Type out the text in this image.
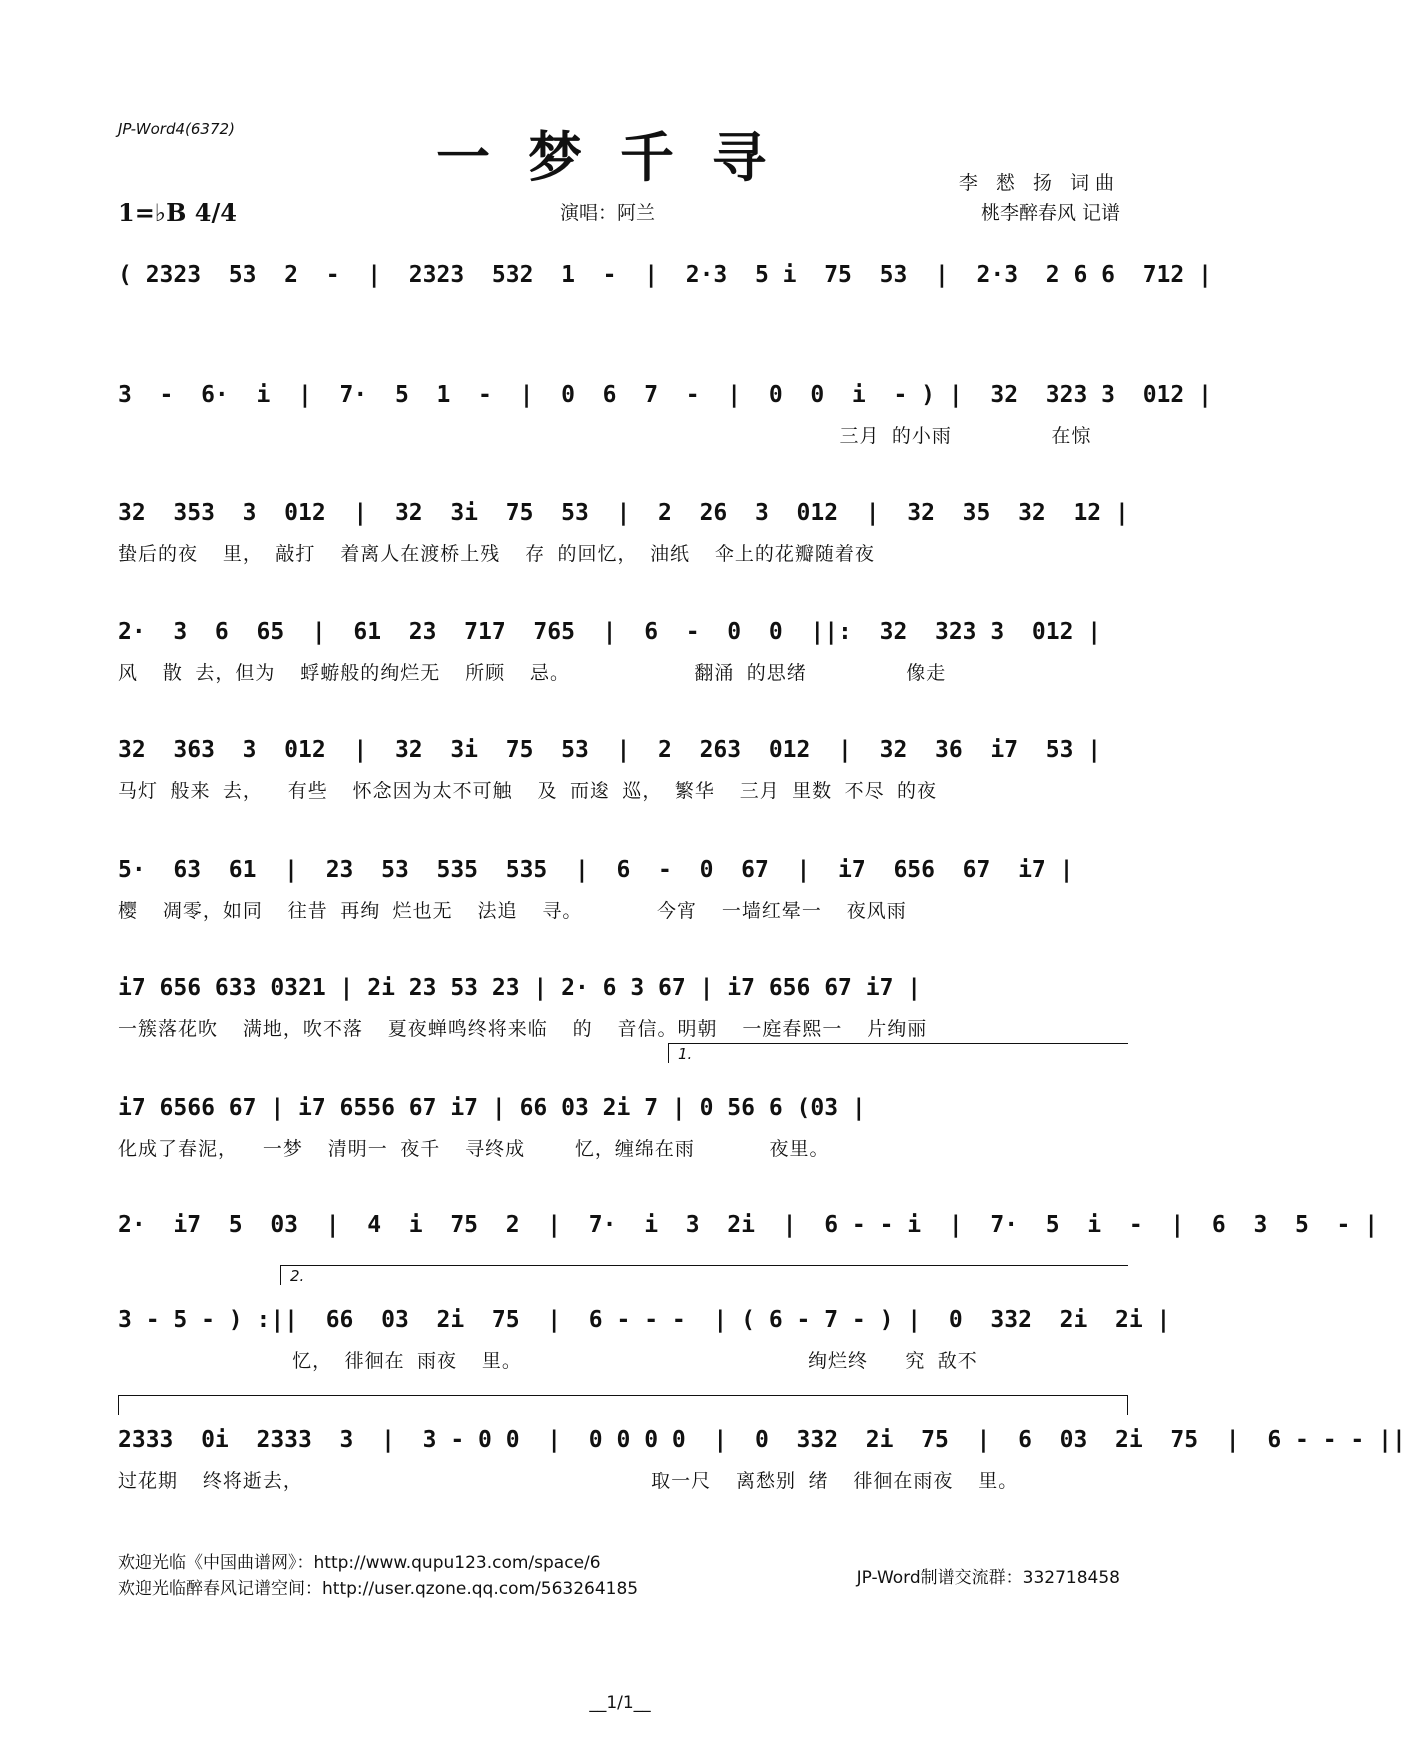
JP-Word4(6372)	一梦千寻
1=♭B 4/4	演唱：阿兰
李 憖 扬 词曲
桃李醉春风 记谱
( 2323  53  2  -  |  2323  532  1  -  |  2·3  5 i  75  53  |  2·3  2 6 6  712 |
3  -  6·  i  |  7·  5  1  -  |  0  6  7  -  |  0  0  i  - ) |  32  323 3  012 |
三月 的小雨        在惊
32  353  3  012  |  32  3i  75  53  |  2  26  3  012  |  32  35  32  12 |
蛰后的夜  里， 敲打  着离人在渡桥上残  存 的回忆， 油纸  伞上的花瓣随着夜
2·  3  6  65  |  61  23  717  765  |  6  -  0  0  ||:  32  323 3  012 |
风  散 去，但为  蜉蝣般的绚烂无  所顾  忌。          翻涌 的思绪        像走
32  363  3  012  |  32  3i  75  53  |  2  263  012  |  32  36  i7  53 |
马灯 般来 去，  有些  怀念因为太不可触  及 而逡 巡， 繁华  三月 里数 不尽 的夜
5·  63  61  |  23  53  535  535  |  6  -  0  67  |  i7  656  67  i7 |
樱  凋零，如同  往昔 再绚 烂也无  法追  寻。      今宵  一墙红晕一  夜风雨
i7 656 633 0321 | 2i 23 53 23 | 2· 6 3 67 | i7 656 67 i7 |
一簇落花吹  满地，吹不落  夏夜蝉鸣终将来临  的  音信。明朝  一庭春熙一  片绚丽
i7 6566 67 | i7 6556 67 i7 | 66 03 2i 7 | 0 56 6 (03 |
化成了春泥，  一梦  清明一 夜千  寻终成    忆，缠绵在雨      夜里。
2·  i7  5  03  |  4  i  75  2  |  7·  i  3  2i  |  6 - - i  |  7·  5  i  -  |  6  3  5  - |
3 - 5 - ) :||  66  03  2i  75  |  6 - - -  | ( 6 - 7 - ) |  0  332  2i  2i |
忆， 徘徊在 雨夜  里。                       绚烂终   究 敌不
2333  0i  2333  3  |  3 - 0 0  |  0 0 0 0  |  0  332  2i  75  |  6  03  2i  75  |  6 - - - ||
过花期  终将逝去，                            取一尺  离愁别 绪  徘徊在雨夜  里。
1.
2.
欢迎光临《中国曲谱网》：http://www.qupu123.com/space/6
欢迎光临醉春风记谱空间：http://user.qzone.qq.com/563264185
JP-Word制谱交流群：332718458
__1/1__
